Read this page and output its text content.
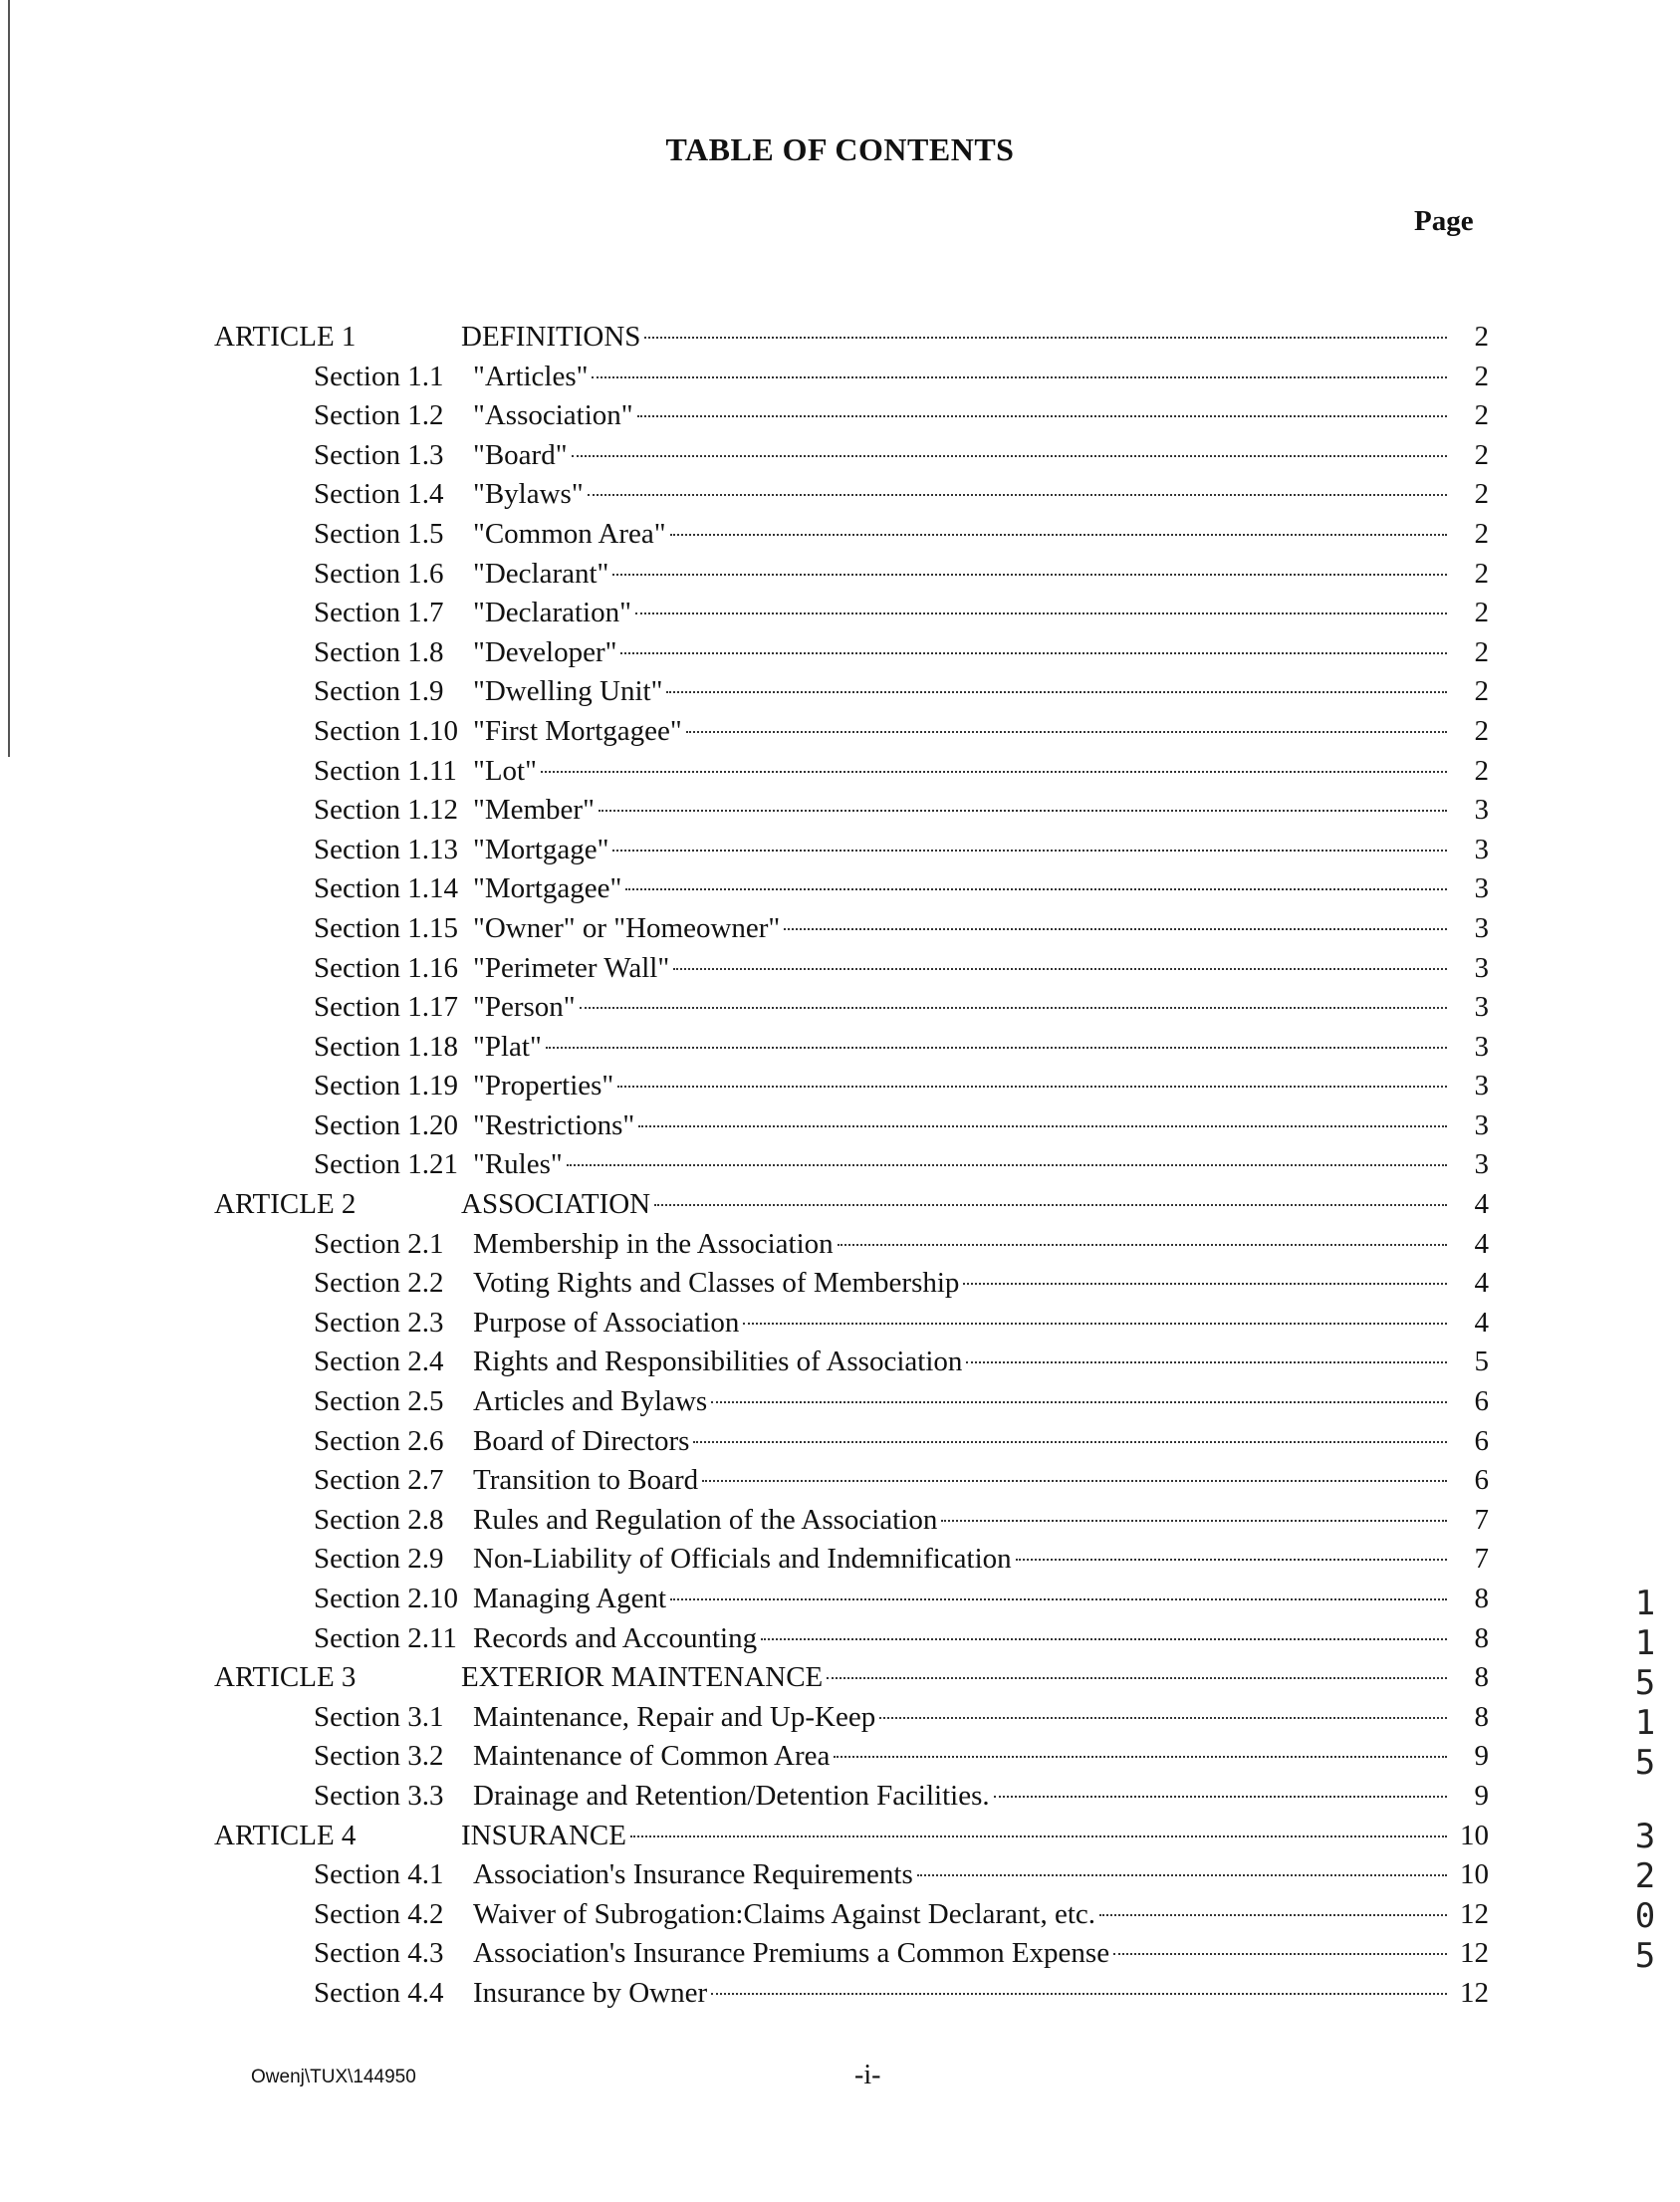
TABLE OF CONTENTS
Page
ARTICLE 1	DEFINITIONS	2
Section 1.1	"Articles"	2
Section 1.2	"Association"	2
Section 1.3	"Board"	2
Section 1.4	"Bylaws"	2
Section 1.5	"Common Area"	2
Section 1.6	"Declarant"	2
Section 1.7	"Declaration"	2
Section 1.8	"Developer"	2
Section 1.9	"Dwelling Unit"	2
Section 1.10 "First Mortgagee"	2
Section 1.11 "Lot"	2
Section 1.12 "Member"	3
Section 1.13 "Mortgage"	3
Section 1.14 "Mortgagee"	3
Section 1.15 "Owner" or "Homeowner"	3
Section 1.16 "Perimeter Wall"	3
Section 1.17 "Person"	3
Section 1.18 "Plat"	3
Section 1.19 "Properties"	3
Section 1.20 "Restrictions"	3
Section 1.21 "Rules"	3
ARTICLE 2	ASSOCIATION	4
Section 2.1	Membership in the Association	4
Section 2.2	Voting Rights and Classes of Membership	4
Section 2.3	Purpose of Association	4
Section 2.4	Rights and Responsibilities of Association	5
Section 2.5	Articles and Bylaws	6
Section 2.6	Board of Directors	6
Section 2.7	Transition to Board	6
Section 2.8	Rules and Regulation of the Association	7
Section 2.9	Non-Liability of Officials and Indemnification	7
Section 2.10 Managing Agent	8
Section 2.11 Records and Accounting	8
ARTICLE 3	EXTERIOR MAINTENANCE	8
Section 3.1	Maintenance, Repair and Up-Keep	8
Section 3.2	Maintenance of Common Area	9
Section 3.3	Drainage and Retention/Detention Facilities.	9
ARTICLE 4	INSURANCE	10
Section 4.1	Association's Insurance Requirements	10
Section 4.2	Waiver of Subrogation:Claims Against Declarant, etc.	12
Section 4.3	Association's Insurance Premiums a Common Expense	12
Section 4.4	Insurance by Owner	12
Owenj\TUX\144950	-i-
1
1
5
1
5
3
2
0
5
